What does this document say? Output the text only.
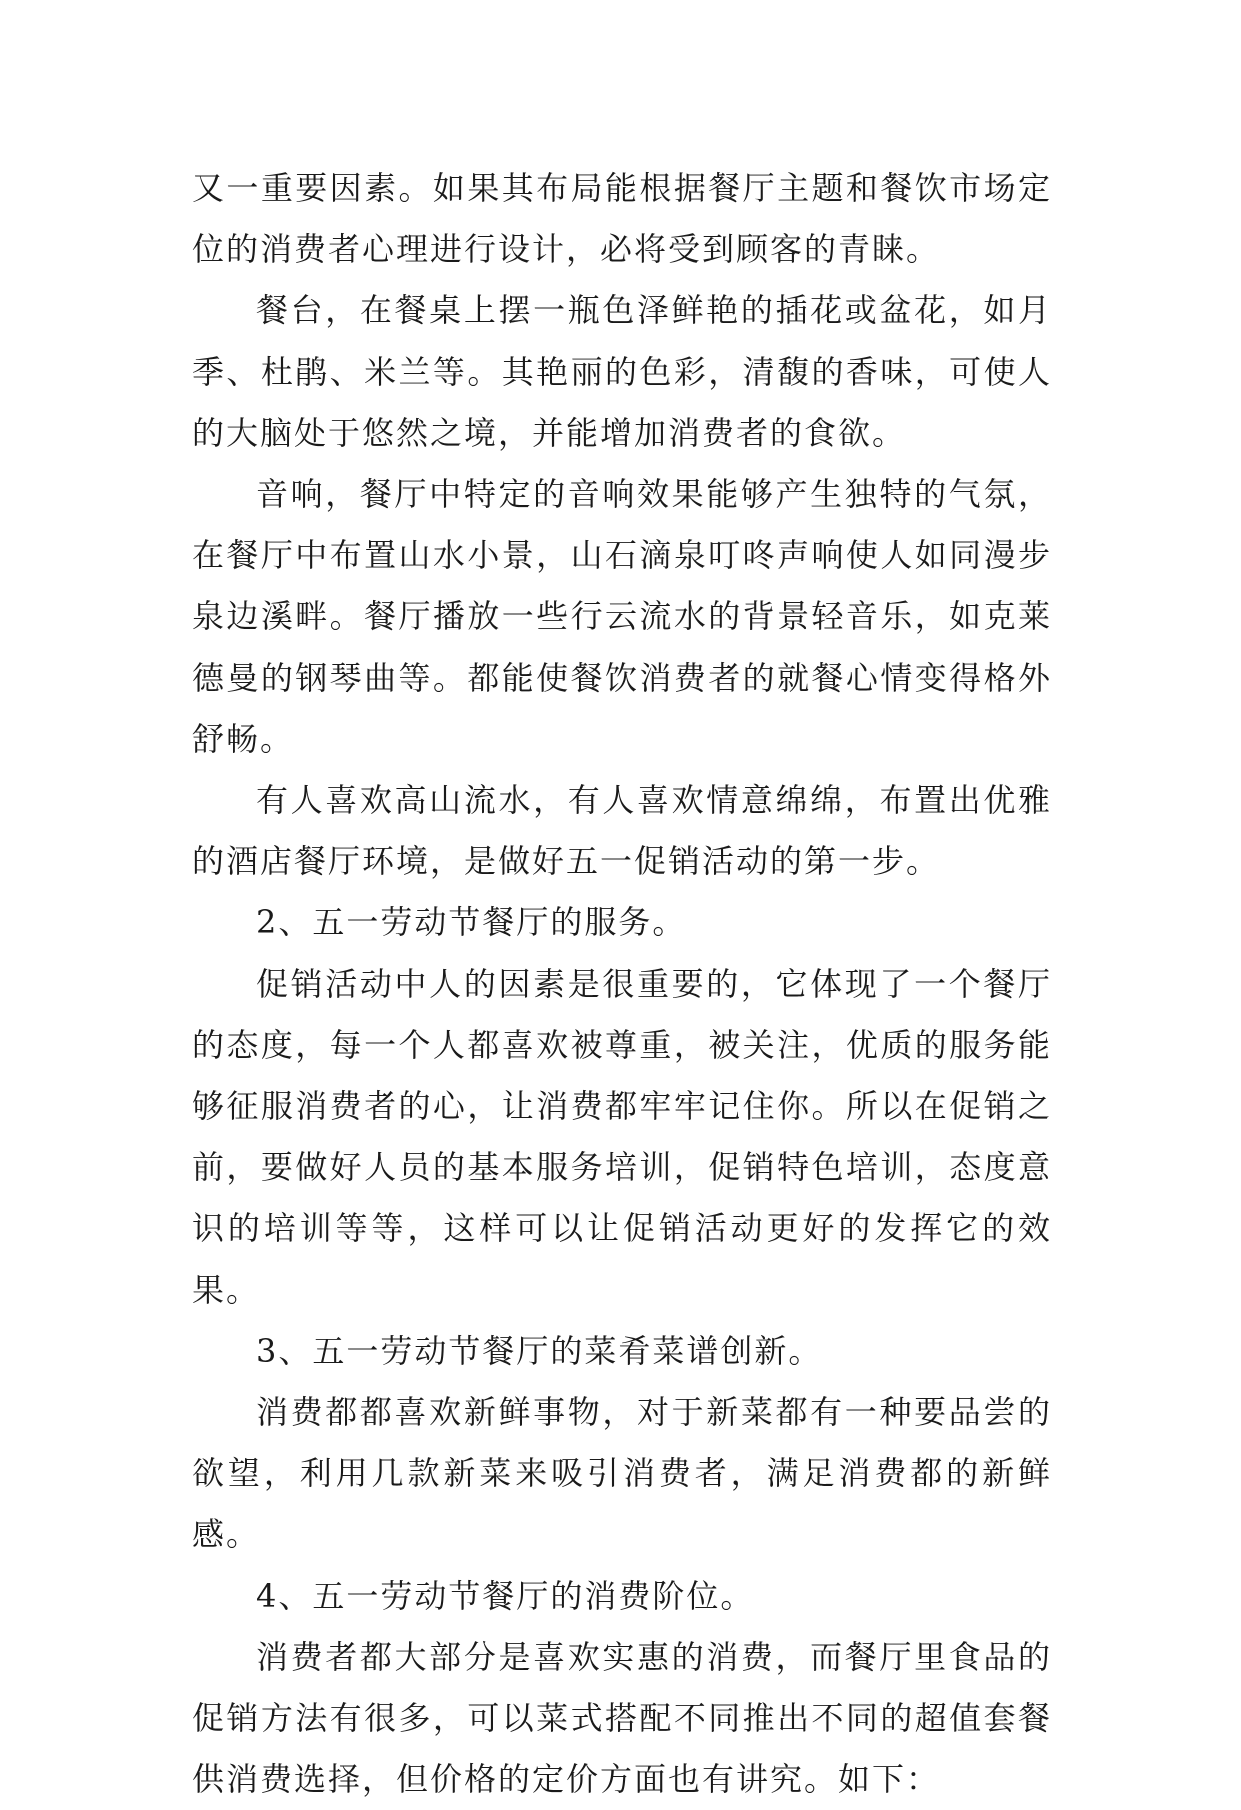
又一重要因素。如果其布局能根据餐厅主题和餐饮市场定位的消费者心理进行设计，必将受到顾客的青睐。

餐台，在餐桌上摆一瓶色泽鲜艳的插花或盆花，如月季、杜鹃、米兰等。其艳丽的色彩，清馥的香味，可使人的大脑处于悠然之境，并能增加消费者的食欲。

音响，餐厅中特定的音响效果能够产生独特的气氛，在餐厅中布置山水小景，山石滴泉叮咚声响使人如同漫步泉边溪畔。餐厅播放一些行云流水的背景轻音乐，如克莱德曼的钢琴曲等。都能使餐饮消费者的就餐心情变得格外舒畅。

有人喜欢高山流水，有人喜欢情意绵绵，布置出优雅的酒店餐厅环境，是做好五一促销活动的第一步。

2、五一劳动节餐厅的服务。

促销活动中人的因素是很重要的，它体现了一个餐厅的态度，每一个人都喜欢被尊重，被关注，优质的服务能够征服消费者的心，让消费都牢牢记住你。所以在促销之前，要做好人员的基本服务培训，促销特色培训，态度意识的培训等等，这样可以让促销活动更好的发挥它的效果。

3、五一劳动节餐厅的菜肴菜谱创新。

消费都都喜欢新鲜事物，对于新菜都有一种要品尝的欲望，利用几款新菜来吸引消费者，满足消费都的新鲜感。

4、五一劳动节餐厅的消费阶位。

消费者都大部分是喜欢实惠的消费，而餐厅里食品的促销方法有很多，可以菜式搭配不同推出不同的超值套餐供消费选择，但价格的定价方面也有讲究。如下：
